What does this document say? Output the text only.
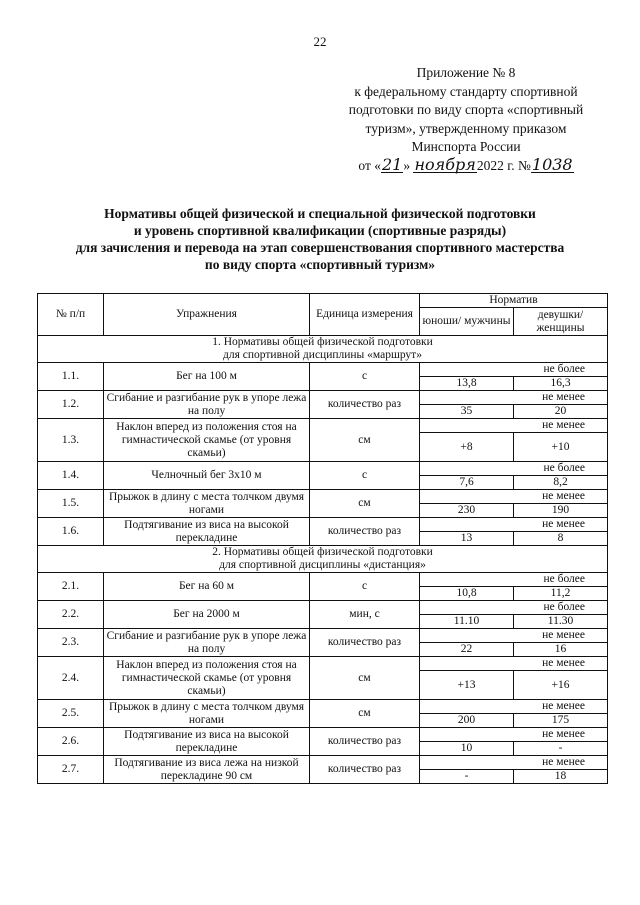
22
Приложение № 8
к федеральному стандарту спортивной
подготовки по виду спорта «спортивный
туризм», утвержденному приказом
Минспорта России
от «21» ноября2022 г. №1038
Нормативы общей физической и специальной физической подготовки
и уровень спортивной квалификации (спортивные разряды)
для зачисления и перевода на этап совершенствования спортивного мастерства
по виду спорта «спортивный туризм»
№ п/п	Упражнения	Единица измерения	Норматив	
			юноши/ мужчины	девушки/ женщины

1. Нормативы общей физической подготовки
для спортивной дисциплины «маршрут»				

1.1.	Бег на 100 м	с	не более	
			13,8	16,3
1.2.	Сгибание и разгибание рук в упоре лежа на полу	количество раз	не менее	
			35	20
1.3.	Наклон вперед из положения стоя на гимнастической скамье (от уровня скамьи)	см	не менее	
			+8	+10
1.4.	Челночный бег 3х10 м	с	не более	
			7,6	8,2
1.5.	Прыжок в длину с места толчком двумя ногами	см	не менее	
			230	190
1.6.	Подтягивание из виса на высокой перекладине	количество раз	не менее	
			13	8

2. Нормативы общей физической подготовки
для спортивной дисциплины «дистанция»				

2.1.	Бег на 60 м	с	не более	
			10,8	11,2
2.2.	Бег на 2000 м	мин, с	не более	
			11.10	11.30
2.3.	Сгибание и разгибание рук в упоре лежа на полу	количество раз	не менее	
			22	16
2.4.	Наклон вперед из положения стоя на гимнастической скамье (от уровня скамьи)	см	не менее	
			+13	+16
2.5.	Прыжок в длину с места толчком двумя ногами	см	не менее	
			200	175
2.6.	Подтягивание из виса на высокой перекладине	количество раз	не менее	
			10	-
2.7.	Подтягивание из виса лежа на низкой перекладине 90 см	количество раз	не менее	
			-	18
